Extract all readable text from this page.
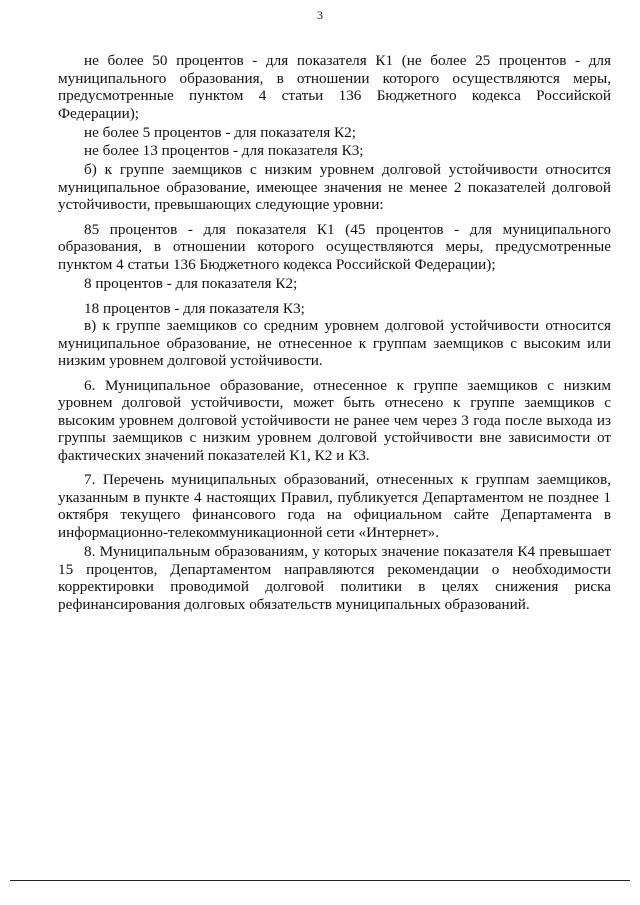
3

не более 50 процентов - для показателя К1 (не более 25 процентов - для муниципального образования, в отношении которого осуществляются меры, предусмотренные пунктом 4 статьи 136 Бюджетного кодекса Российской Федерации);

не более 5 процентов - для показателя К2;

не более 13 процентов - для показателя К3;

б) к группе заемщиков с низким уровнем долговой устойчивости относится муниципальное образование, имеющее значения не менее 2 показателей долговой устойчивости, превышающих следующие уровни:

85 процентов - для показателя К1 (45 процентов - для муниципального образования, в отношении которого осуществляются меры, предусмотренные пунктом 4 статьи 136 Бюджетного кодекса Российской Федерации);

8 процентов - для показателя К2;

18 процентов - для показателя К3;

в) к группе заемщиков со средним уровнем долговой устойчивости относится муниципальное образование, не отнесенное к группам заемщиков с высоким или низким уровнем долговой устойчивости.

6. Муниципальное образование, отнесенное к группе заемщиков с низким уровнем долговой устойчивости, может быть отнесено к группе заемщиков с высоким уровнем долговой устойчивости не ранее чем через 3 года после выхода из группы заемщиков с низким уровнем долговой устойчивости вне зависимости от фактических значений показателей К1, К2 и К3.

7. Перечень муниципальных образований, отнесенных к группам заемщиков, указанным в пункте 4 настоящих Правил, публикуется Департаментом не позднее 1 октября текущего финансового года на официальном сайте Департамента в информационно-телекоммуникационной сети «Интернет».

8. Муниципальным образованиям, у которых значение показателя К4 превышает 15 процентов, Департаментом направляются рекомендации о необходимости корректировки проводимой долговой политики в целях снижения риска рефинансирования долговых обязательств муниципальных образований.
